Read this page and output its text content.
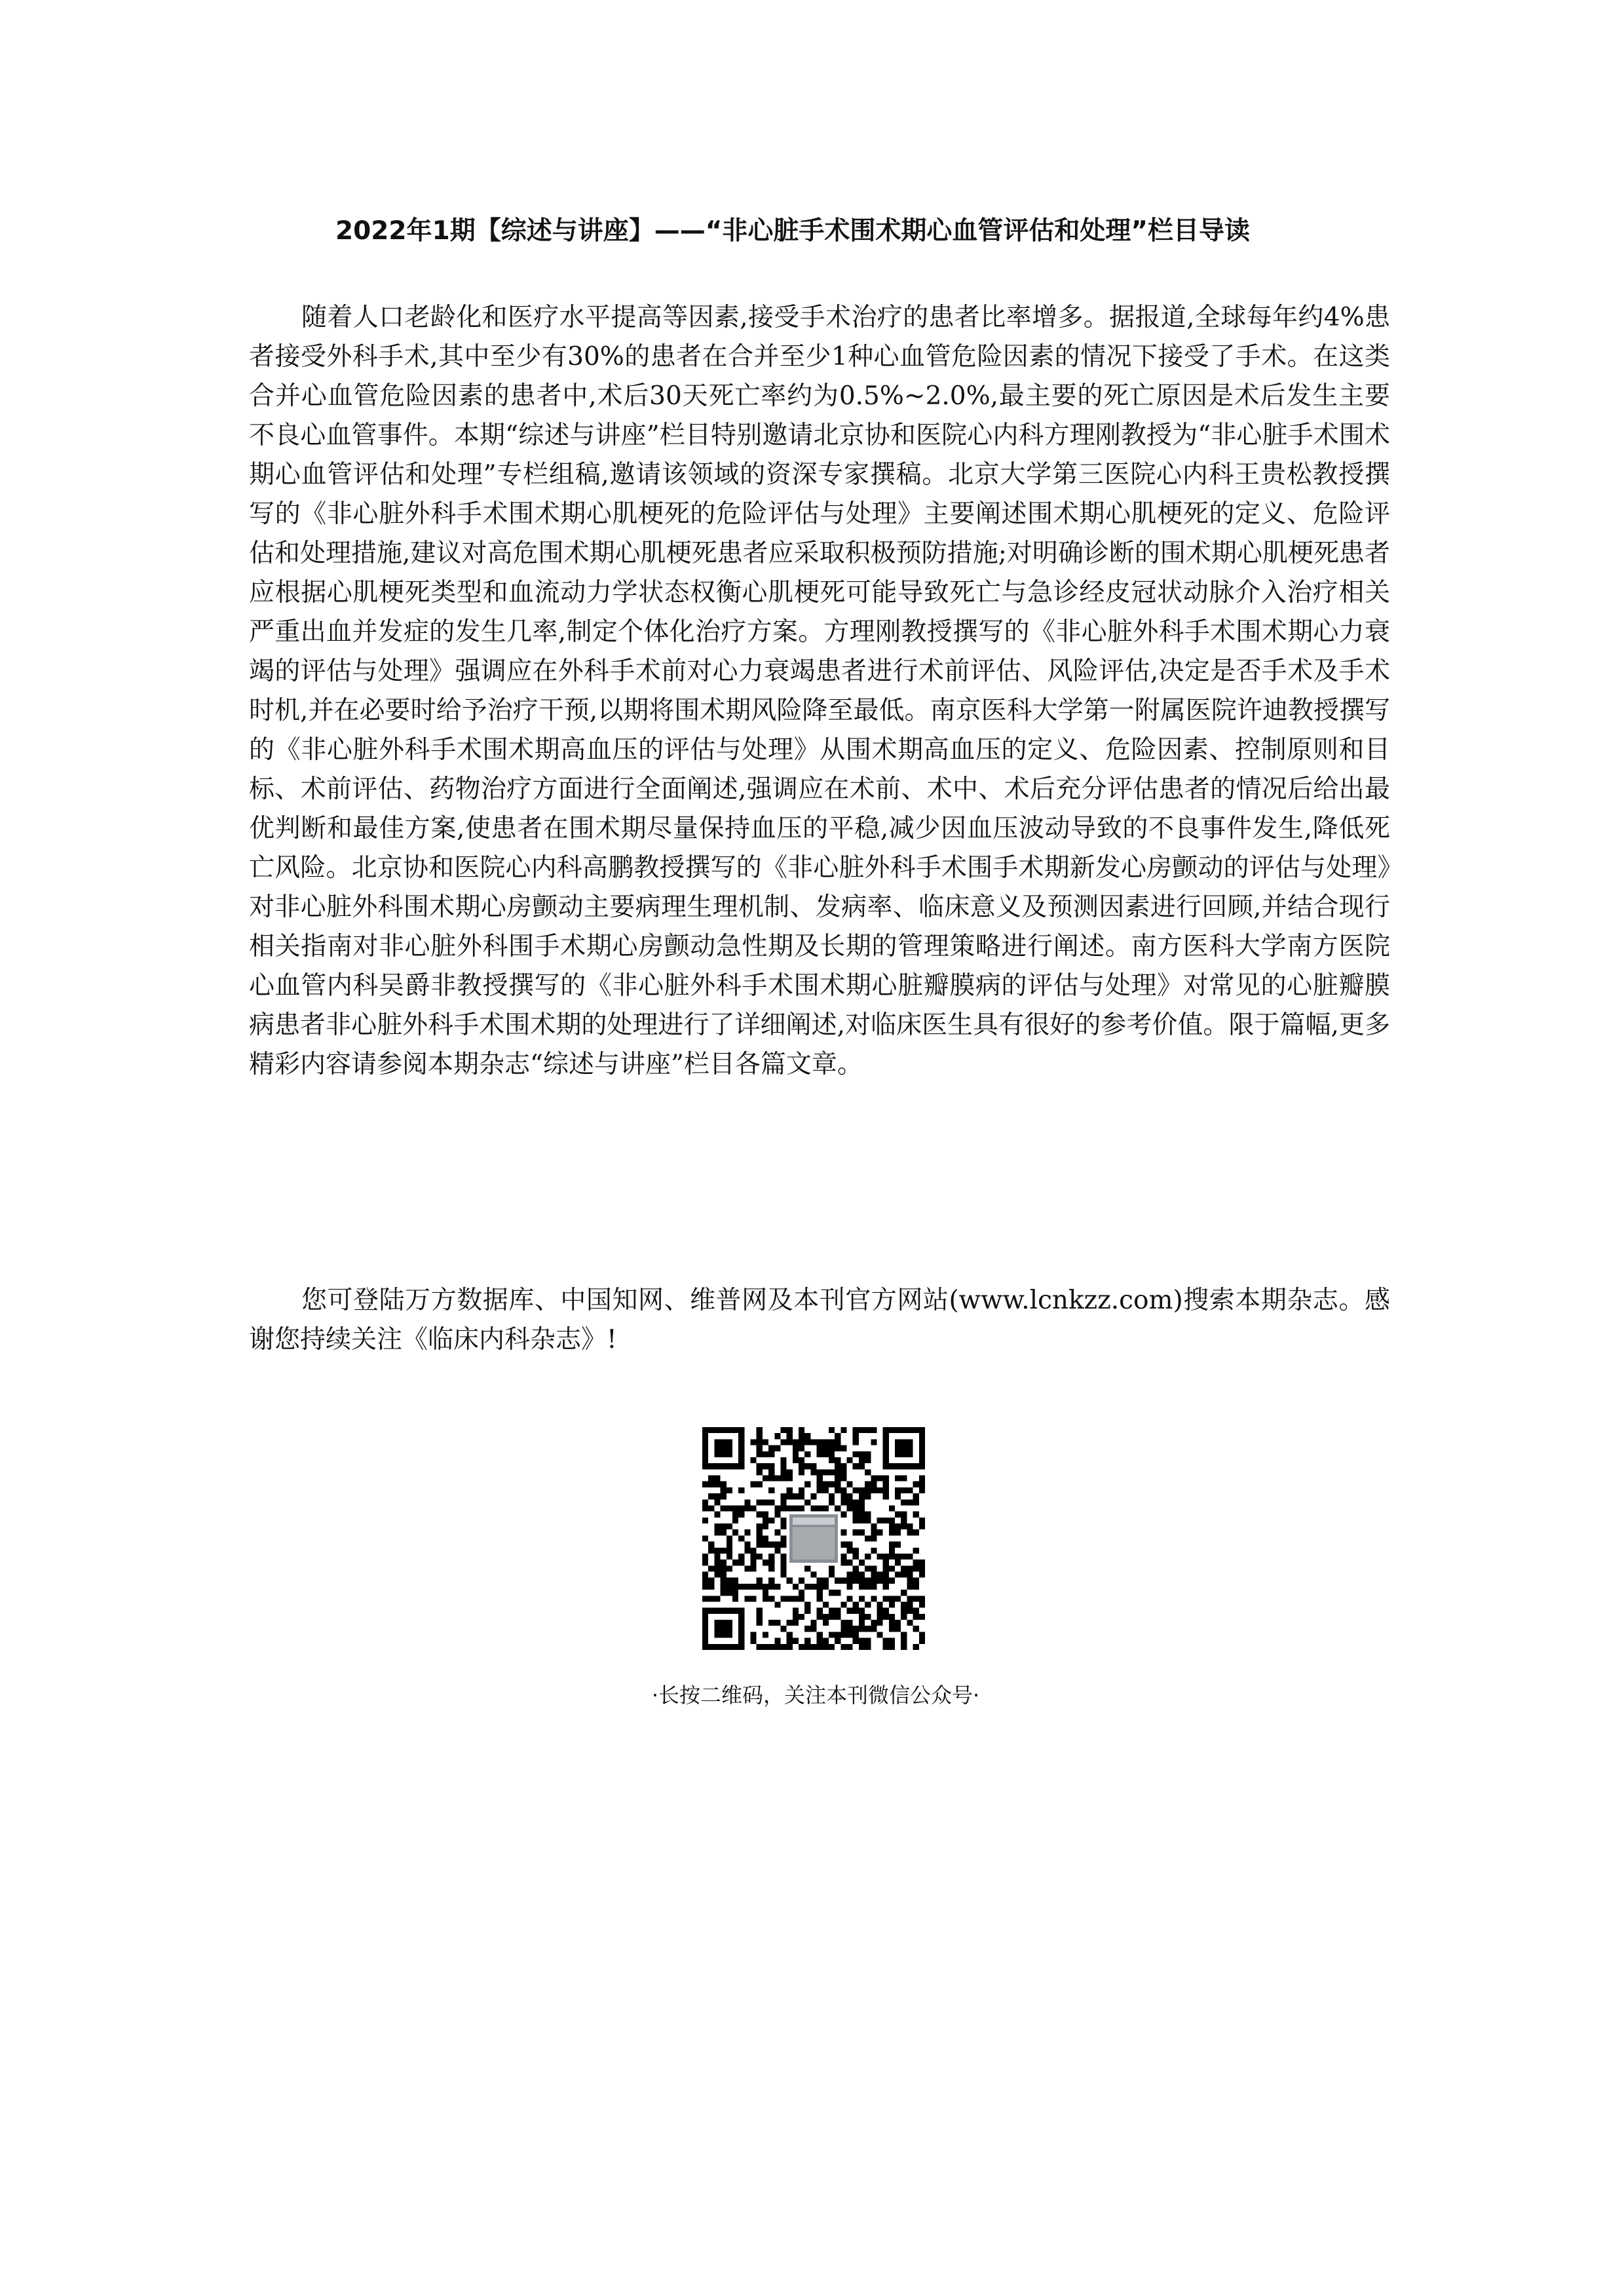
2022年1期【综述与讲座】——“非心脏手术围术期心血管评估和处理”栏目导读

随着人口老龄化和医疗水平提高等因素,接受手术治疗的患者比率增多。据报道,全球每年约4%患者接受外科手术,其中至少有30%的患者在合并至少1种心血管危险因素的情况下接受了手术。在这类合并心血管危险因素的患者中,术后30天死亡率约为0.5%~2.0%,最主要的死亡原因是术后发生主要不良心血管事件。本期“综述与讲座”栏目特别邀请北京协和医院心内科方理刚教授为“非心脏手术围术期心血管评估和处理”专栏组稿,邀请该领域的资深专家撰稿。北京大学第三医院心内科王贵松教授撰写的《非心脏外科手术围术期心肌梗死的危险评估与处理》主要阐述围术期心肌梗死的定义、危险评估和处理措施,建议对高危围术期心肌梗死患者应采取积极预防措施;对明确诊断的围术期心肌梗死患者应根据心肌梗死类型和血流动力学状态权衡心肌梗死可能导致死亡与急诊经皮冠状动脉介入治疗相关严重出血并发症的发生几率,制定个体化治疗方案。方理刚教授撰写的《非心脏外科手术围术期心力衰竭的评估与处理》强调应在外科手术前对心力衰竭患者进行术前评估、风险评估,决定是否手术及手术时机,并在必要时给予治疗干预,以期将围术期风险降至最低。南京医科大学第一附属医院许迪教授撰写的《非心脏外科手术围术期高血压的评估与处理》从围术期高血压的定义、危险因素、控制原则和目标、术前评估、药物治疗方面进行全面阐述,强调应在术前、术中、术后充分评估患者的情况后给出最优判断和最佳方案,使患者在围术期尽量保持血压的平稳,减少因血压波动导致的不良事件发生,降低死亡风险。北京协和医院心内科高鹏教授撰写的《非心脏外科手术围手术期新发心房颤动的评估与处理》对非心脏外科围术期心房颤动主要病理生理机制、发病率、临床意义及预测因素进行回顾,并结合现行相关指南对非心脏外科围手术期心房颤动急性期及长期的管理策略进行阐述。南方医科大学南方医院心血管内科吴爵非教授撰写的《非心脏外科手术围术期心脏瓣膜病的评估与处理》对常见的心脏瓣膜病患者非心脏外科手术围术期的处理进行了详细阐述,对临床医生具有很好的参考价值。限于篇幅,更多精彩内容请参阅本期杂志“综述与讲座”栏目各篇文章。

您可登陆万方数据库、中国知网、维普网及本刊官方网站(www.lcnkzz.com)搜索本期杂志。感谢您持续关注《临床内科杂志》!

·长按二维码，关注本刊微信公众号·
